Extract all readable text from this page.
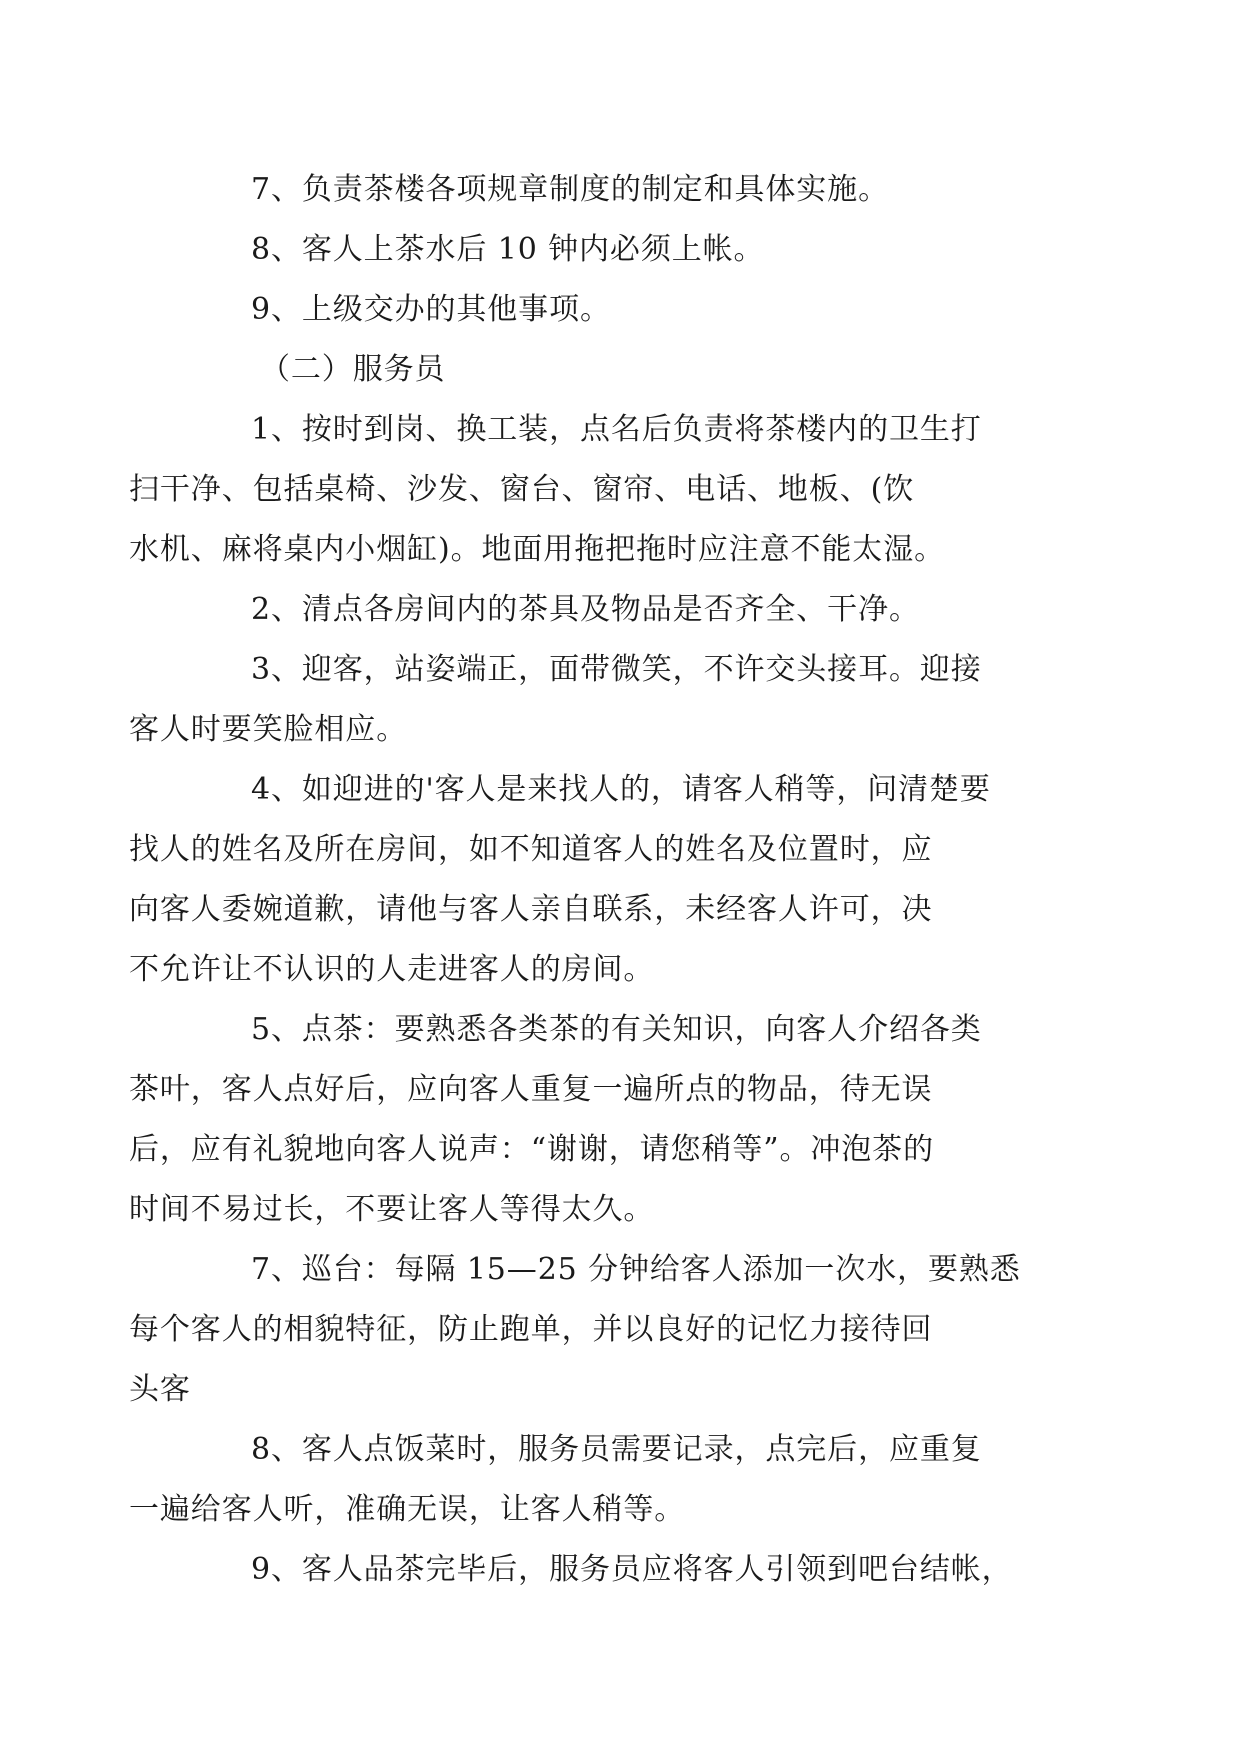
7、负责茶楼各项规章制度的制定和具体实施。

8、客人上茶水后 10 钟内必须上帐。

9、上级交办的其他事项。

（二）服务员

1、按时到岗、换工装，点名后负责将茶楼内的卫生打
扫干净、包括桌椅、沙发、窗台、窗帘、电话、地板、(饮
水机、麻将桌内小烟缸)。地面用拖把拖时应注意不能太湿。

2、清点各房间内的茶具及物品是否齐全、干净。

3、迎客，站姿端正，面带微笑，不许交头接耳。迎接
客人时要笑脸相应。

4、如迎进的'客人是来找人的，请客人稍等，问清楚要
找人的姓名及所在房间，如不知道客人的姓名及位置时，应
向客人委婉道歉，请他与客人亲自联系，未经客人许可，决
不允许让不认识的人走进客人的房间。

5、点茶：要熟悉各类茶的有关知识，向客人介绍各类
茶叶，客人点好后，应向客人重复一遍所点的物品，待无误
后，应有礼貌地向客人说声：“谢谢，请您稍等”。冲泡茶的
时间不易过长，不要让客人等得太久。

7、巡台：每隔 15—25 分钟给客人添加一次水，要熟悉
每个客人的相貌特征，防止跑单，并以良好的记忆力接待回
头客

8、客人点饭菜时，服务员需要记录，点完后，应重复
一遍给客人听，准确无误，让客人稍等。

9、客人品茶完毕后，服务员应将客人引领到吧台结帐，
